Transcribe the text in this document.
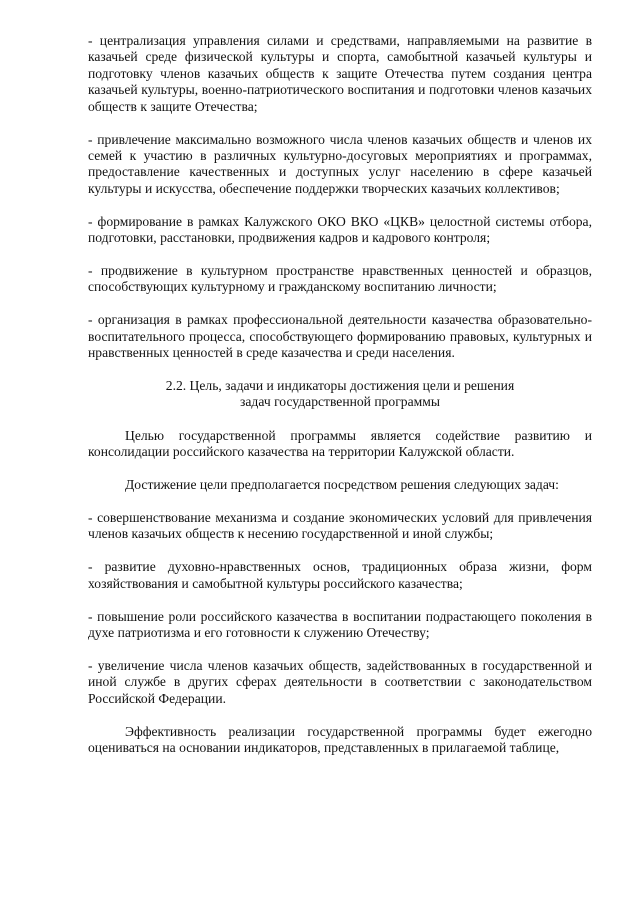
- централизация управления силами и средствами, направляемыми на развитие в казачьей среде физической культуры и спорта, самобытной казачьей культуры и подготовку членов казачьих обществ к защите Отечества путем создания центра казачьей культуры, военно-патриотического воспитания и подготовки членов казачьих обществ к защите Отечества;

- привлечение максимально возможного числа членов казачьих обществ и членов их семей к участию в различных культурно-досуговых мероприятиях и программах, предоставление качественных и доступных услуг населению в сфере казачьей культуры и искусства, обеспечение поддержки творческих казачьих коллективов;

- формирование в рамках Калужского ОКО ВКО «ЦКВ» целостной системы отбора, подготовки, расстановки, продвижения кадров и кадрового контроля;

- продвижение в культурном пространстве нравственных ценностей и образцов, способствующих культурному и гражданскому воспитанию личности;

- организация в рамках профессиональной деятельности казачества образовательно-воспитательного процесса, способствующего формированию правовых, культурных и нравственных ценностей в среде казачества и среди населения.

2.2. Цель, задачи и индикаторы достижения цели и решения
задач государственной программы

Целью государственной программы является содействие развитию и консолидации российского казачества на территории Калужской области.

Достижение цели предполагается посредством решения следующих задач:

- совершенствование механизма и создание экономических условий для привлечения членов казачьих обществ к несению государственной и иной службы;

- развитие духовно-нравственных основ, традиционных образа жизни, форм хозяйствования и самобытной культуры российского казачества;

- повышение роли российского казачества в воспитании подрастающего поколения в духе патриотизма и его готовности к служению Отечеству;

- увеличение числа членов казачьих обществ, задействованных в государственной и иной службе в других сферах деятельности в соответствии с законодательством Российской Федерации.

Эффективность реализации государственной программы будет ежегодно оцениваться на основании индикаторов, представленных в прилагаемой таблице,
